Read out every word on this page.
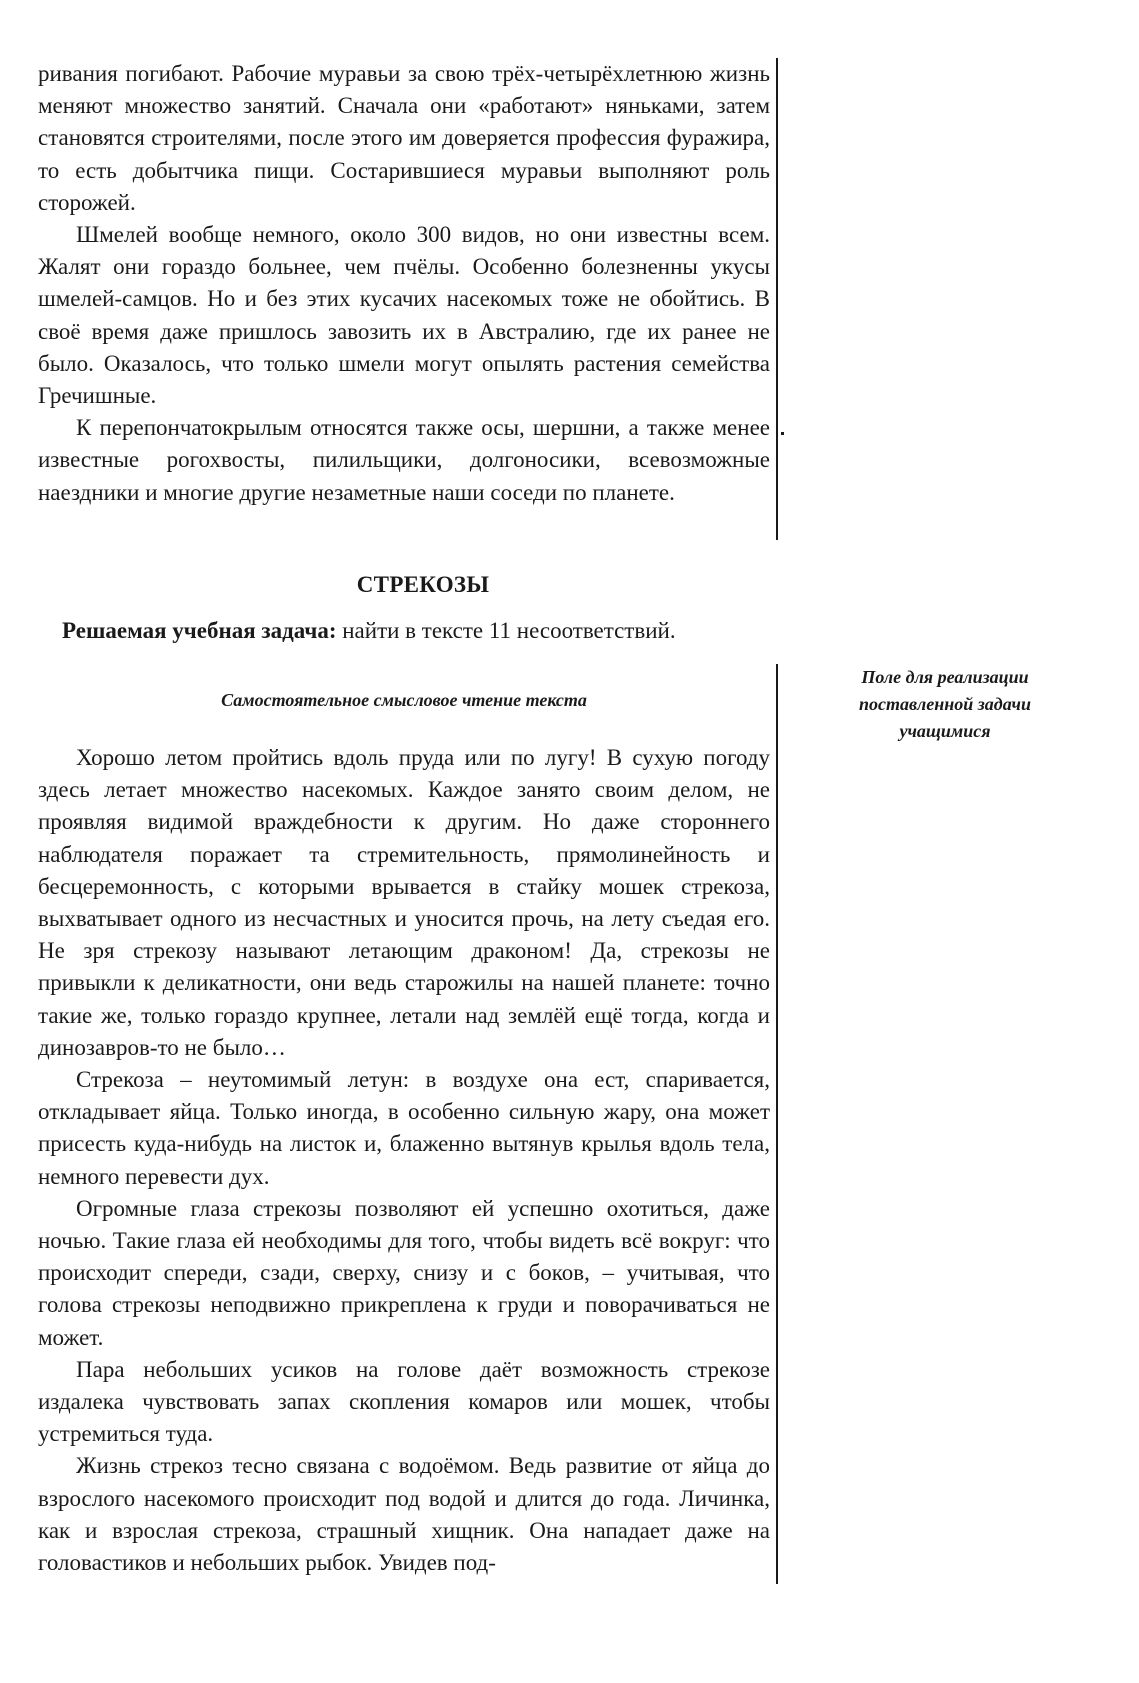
ривания погибают. Рабочие муравьи за свою трёх-четырёхлетнюю жизнь меняют множество занятий. Сначала они «работают» няньками, затем становятся строителями, после этого им доверяется профессия фуражира, то есть добытчика пищи. Состарившиеся муравьи выполняют роль сторожей.

Шмелей вообще немного, около 300 видов, но они известны всем. Жалят они гораздо больнее, чем пчёлы. Особенно болезненны укусы шмелей-самцов. Но и без этих кусачих насекомых тоже не обойтись. В своё время даже пришлось завозить их в Австралию, где их ранее не было. Оказалось, что только шмели могут опылять растения семейства Гречишные.

К перепончатокрылым относятся также осы, шершни, а также менее известные рогохвосты, пилильщики, долгоносики, всевозможные наездники и многие другие незаметные наши соседи по планете.

СТРЕКОЗЫ

Решаемая учебная задача: найти в тексте 11 несоответствий.

Самостоятельное смысловое чтение текста

Поле для реализации
поставленной задачи
учащимися

Хорошо летом пройтись вдоль пруда или по лугу! В сухую погоду здесь летает множество насекомых. Каждое занято своим делом, не проявляя видимой враждебности к другим. Но даже стороннего наблюдателя поражает та стремительность, прямолинейность и бесцеремонность, с которыми врывается в стайку мошек стрекоза, выхватывает одного из несчастных и уносится прочь, на лету съедая его. Не зря стрекозу называют летающим драконом! Да, стрекозы не привыкли к деликатности, они ведь старожилы на нашей планете: точно такие же, только гораздо крупнее, летали над землёй ещё тогда, когда и динозавров-то не было…

Стрекоза – неутомимый летун: в воздухе она ест, спаривается, откладывает яйца. Только иногда, в особенно сильную жару, она может присесть куда-нибудь на листок и, блаженно вытянув крылья вдоль тела, немного перевести дух.

Огромные глаза стрекозы позволяют ей успешно охотиться, даже ночью. Такие глаза ей необходимы для того, чтобы видеть всё вокруг: что происходит спереди, сзади, сверху, снизу и с боков, – учитывая, что голова стрекозы неподвижно прикреплена к груди и поворачиваться не может.

Пара небольших усиков на голове даёт возможность стрекозе издалека чувствовать запах скопления комаров или мошек, чтобы устремиться туда.

Жизнь стрекоз тесно связана с водоёмом. Ведь развитие от яйца до взрослого насекомого происходит под водой и длится до года. Личинка, как и взрослая стрекоза, страшный хищник. Она нападает даже на головастиков и небольших рыбок. Увидев под-
